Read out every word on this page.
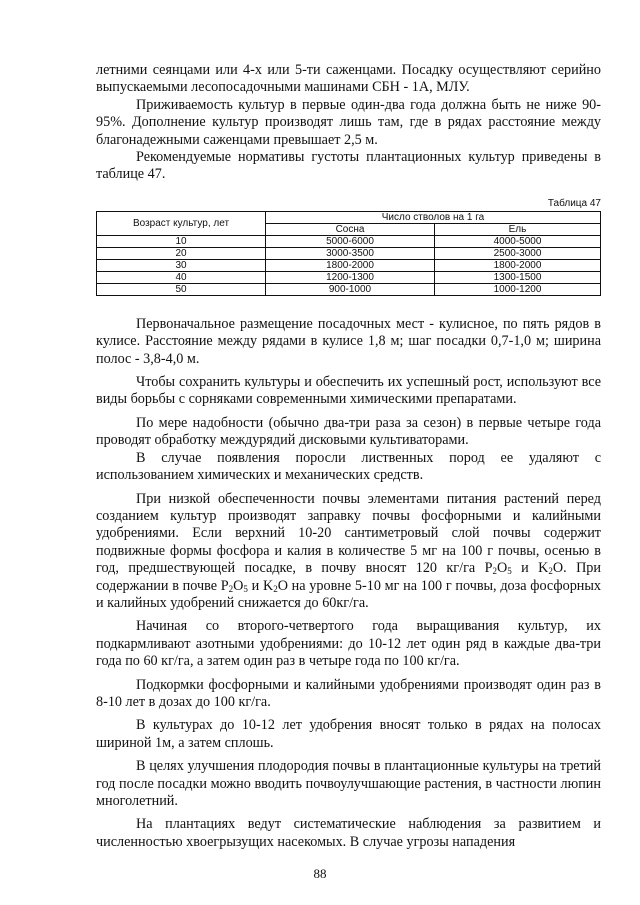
летними сеянцами или 4-х или 5-ти саженцами. Посадку осуществляют серийно выпускаемыми лесопосадочными машинами СБН - 1А, МЛУ.

Приживаемость культур в первые один-два года должна быть не ниже 90-95%. Дополнение культур производят лишь там, где в рядах расстояние между благонадежными саженцами превышает 2,5 м.

Рекомендуемые нормативы густоты плантационных культур приведены в таблице 47.

Таблица 47
Возраст культур, лет	Число стволов на 1 га	
	Сосна	Ель
10	5000-6000	4000-5000
20	3000-3500	2500-3000
30	1800-2000	1800-2000
40	1200-1300	1300-1500
50	900-1000	1000-1200

Первоначальное размещение посадочных мест - кулисное, по пять рядов в кулисе. Расстояние между рядами в кулисе 1,8 м; шаг посадки 0,7-1,0 м; ширина полос - 3,8-4,0 м.

Чтобы сохранить культуры и обеспечить их успешный рост, используют все виды борьбы с сорняками современными химическими препаратами.

По мере надобности (обычно два-три раза за сезон) в первые четыре года проводят обработку междурядий дисковыми культиваторами.

В случае появления поросли лиственных пород ее удаляют с использованием химических и механических средств.

При низкой обеспеченности почвы элементами питания растений перед созданием культур производят заправку почвы фосфорными и калийными удобрениями. Если верхний 10-20 сантиметровый слой почвы содержит подвижные формы фосфора и калия в количестве 5 мг на 100 г почвы, осенью в год, предшествующей посадке, в почву вносят 120 кг/га $P_2O_5$ и $K_2O$. При содержании в почве $P_2O_5$ и $K_2O$ на уровне 5-10 мг на 100 г почвы, доза фосфорных и калийных удобрений снижается до 60кг/га.

Начиная со второго-четвертого года выращивания культур, их подкармливают азотными удобрениями: до 10-12 лет один ряд в каждые два-три года по 60 кг/га, а затем один раз в четыре года по 100 кг/га.

Подкормки фосфорными и калийными удобрениями производят один раз в 8-10 лет в дозах до 100 кг/га.

В культурах до 10-12 лет удобрения вносят только в рядах на полосах шириной 1м, а затем сплошь.

В целях улучшения плодородия почвы в плантационные культуры на третий год после посадки можно вводить почвоулучшающие растения, в частности люпин многолетний.

На плантациях ведут систематические наблюдения за развитием и численностью хвоегрызущих насекомых. В случае угрозы нападения

88
